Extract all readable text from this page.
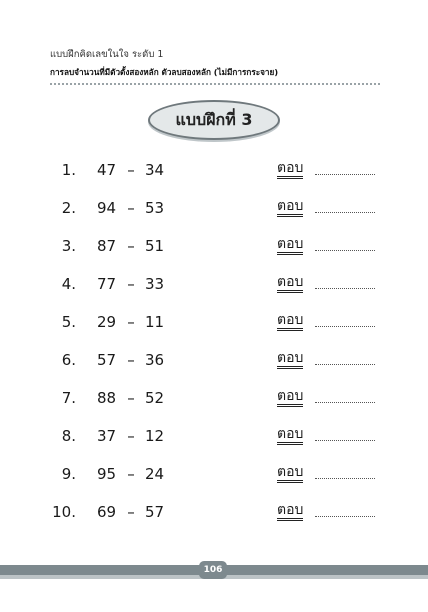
แบบฝึกคิดเลขในใจ ระดับ 1
การลบจำนวนที่มีตัวตั้งสองหลัก ตัวลบสองหลัก (ไม่มีการกระจาย)
แบบฝึกที่ 3
1. 47 – 34	ตอบ
2. 94 – 53	ตอบ
3. 87 – 51	ตอบ
4. 77 – 33	ตอบ
5. 29 – 11	ตอบ
6. 57 – 36	ตอบ
7. 88 – 52	ตอบ
8. 37 – 12	ตอบ
9. 95 – 24	ตอบ
10. 69 – 57	ตอบ
106
